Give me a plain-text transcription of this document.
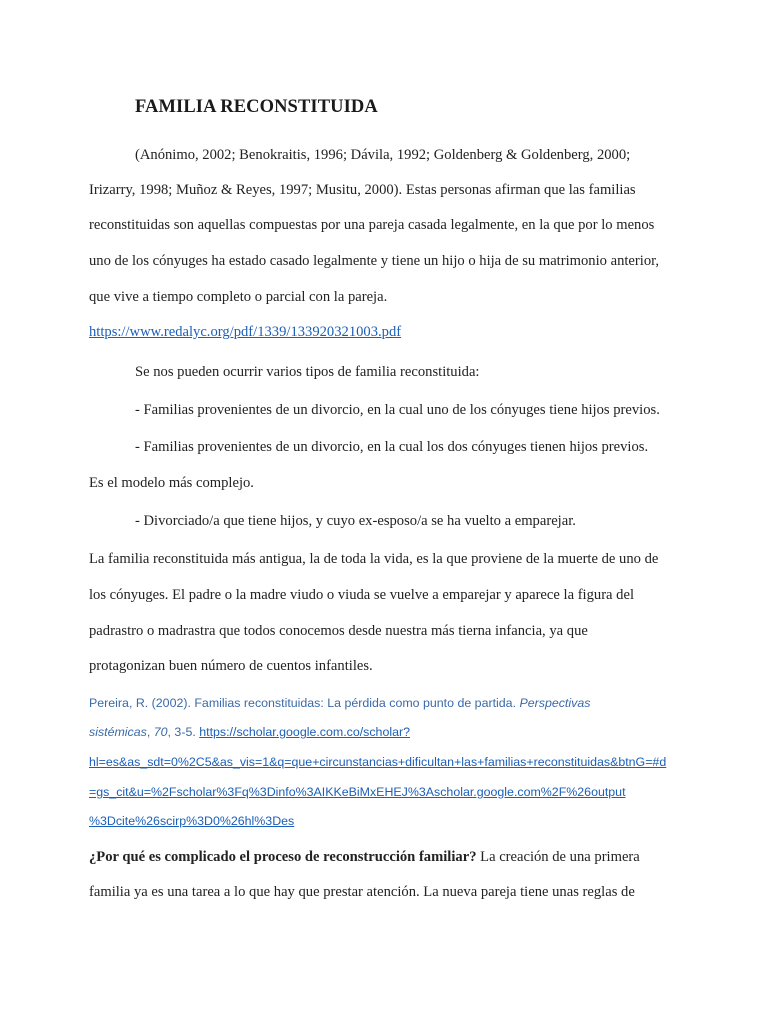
FAMILIA RECONSTITUIDA
(Anónimo, 2002; Benokraitis, 1996; Dávila, 1992; Goldenberg & Goldenberg, 2000;
Irizarry, 1998; Muñoz & Reyes, 1997; Musitu, 2000). Estas personas afirman que las familias
reconstituidas son aquellas compuestas por una pareja casada legalmente, en la que por lo menos
uno de los cónyuges ha estado casado legalmente y tiene un hijo o hija de su matrimonio anterior,
que vive a tiempo completo o parcial con la pareja.
https://www.redalyc.org/pdf/1339/133920321003.pdf
Se nos pueden ocurrir varios tipos de familia reconstituida:
- Familias provenientes de un divorcio, en la cual uno de los cónyuges tiene hijos previos.
- Familias provenientes de un divorcio, en la cual los dos cónyuges tienen hijos previos.
Es el modelo más complejo.
- Divorciado/a que tiene hijos, y cuyo ex-esposo/a se ha vuelto a emparejar.
La familia reconstituida más antigua, la de toda la vida, es la que proviene de la muerte de uno de
los cónyuges. El padre o la madre viudo o viuda se vuelve a emparejar y aparece la figura del
padrastro o madrastra que todos conocemos desde nuestra más tierna infancia, ya que
protagonizan buen número de cuentos infantiles.
Pereira, R. (2002). Familias reconstituidas: La pérdida como punto de partida. Perspectivas
sistémicas, 70, 3-5. https://scholar.google.com.co/scholar?
hl=es&as_sdt=0%2C5&as_vis=1&q=que+circunstancias+dificultan+las+familias+reconstituidas&btnG=#d
=gs_cit&u=%2Fscholar%3Fq%3Dinfo%3AIKKeBiMxEHEJ%3Ascholar.google.com%2F%26output
%3Dcite%26scirp%3D0%26hl%3Des
¿Por qué es complicado el proceso de reconstrucción familiar? La creación de una primera
familia ya es una tarea a lo que hay que prestar atención. La nueva pareja tiene unas reglas de
